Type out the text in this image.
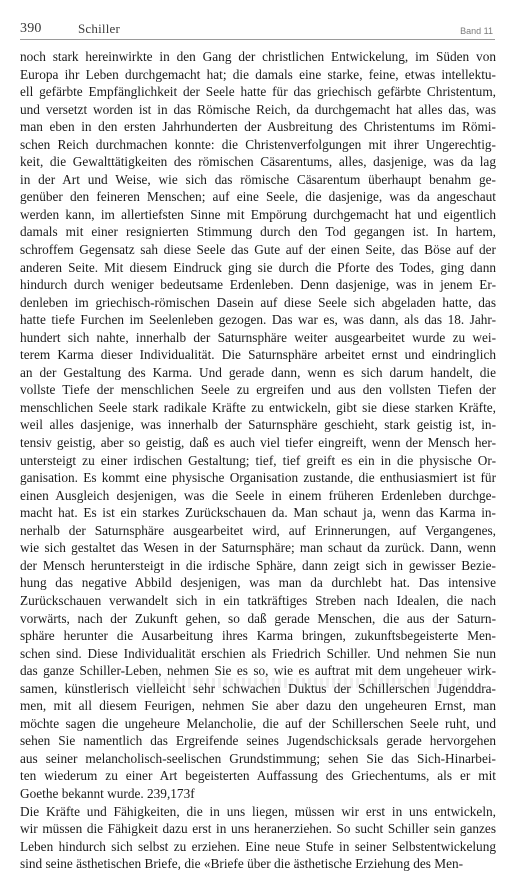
390	Schiller	Band 11
noch stark hereinwirkte in den Gang der christlichen Entwickelung, im Süden von
Europa ihr Leben durchgemacht hat; die damals eine starke, feine, etwas intellektu-
ell gefärbte Empfänglichkeit der Seele hatte für das griechisch gefärbte Christentum,
und versetzt worden ist in das Römische Reich, da durchgemacht hat alles das, was
man eben in den ersten Jahrhunderten der Ausbreitung des Christentums im Römi-
schen Reich durchmachen konnte: die Christenverfolgungen mit ihrer Ungerechtig-
keit, die Gewalttätigkeiten des römischen Cäsarentums, alles, dasjenige, was da lag
in der Art und Weise, wie sich das römische Cäsarentum überhaupt benahm ge-
genüber den feineren Menschen; auf eine Seele, die dasjenige, was da angeschaut
werden kann, im allertiefsten Sinne mit Empörung durchgemacht hat und eigentlich
damals mit einer resignierten Stimmung durch den Tod gegangen ist. In hartem,
schroffem Gegensatz sah diese Seele das Gute auf der einen Seite, das Böse auf der
anderen Seite. Mit diesem Eindruck ging sie durch die Pforte des Todes, ging dann
hindurch durch weniger bedeutsame Erdenleben. Denn dasjenige, was in jenem Er-
denleben im griechisch-römischen Dasein auf diese Seele sich abgeladen hatte, das
hatte tiefe Furchen im Seelenleben gezogen. Das war es, was dann, als das 18. Jahr-
hundert sich nahte, innerhalb der Saturnsphäre weiter ausgearbeitet wurde zu wei-
terem Karma dieser Individualität. Die Saturnsphäre arbeitet ernst und eindringlich
an der Gestaltung des Karma. Und gerade dann, wenn es sich darum handelt, die
vollste Tiefe der menschlichen Seele zu ergreifen und aus den vollsten Tiefen der
menschlichen Seele stark radikale Kräfte zu entwickeln, gibt sie diese starken Kräfte,
weil alles dasjenige, was innerhalb der Saturnsphäre geschieht, stark geistig ist, in-
tensiv geistig, aber so geistig, daß es auch viel tiefer eingreift, wenn der Mensch her-
untersteigt zu einer irdischen Gestaltung; tief, tief greift es ein in die physische Or-
ganisation. Es kommt eine physische Organisation zustande, die enthusiasmiert ist für
einen Ausgleich desjenigen, was die Seele in einem früheren Erdenleben durchge-
macht hat. Es ist ein starkes Zurückschauen da. Man schaut ja, wenn das Karma in-
nerhalb der Saturnsphäre ausgearbeitet wird, auf Erinnerungen, auf Vergangenes,
wie sich gestaltet das Wesen in der Saturnsphäre; man schaut da zurück. Dann, wenn
der Mensch heruntersteigt in die irdische Sphäre, dann zeigt sich in gewisser Bezie-
hung das negative Abbild desjenigen, was man da durchlebt hat. Das intensive
Zurückschauen verwandelt sich in ein tatkräftiges Streben nach Idealen, die nach
vorwärts, nach der Zukunft gehen, so daß gerade Menschen, die aus der Saturn-
sphäre herunter die Ausarbeitung ihres Karma bringen, zukunftsbegeisterte Men-
schen sind. Diese Individualität erschien als Friedrich Schiller. Und nehmen Sie nun
das ganze Schiller-Leben, nehmen Sie es so, wie es auftrat mit dem ungeheuer wirk-
samen, künstlerisch vielleicht sehr schwachen Duktus der Schillerschen Jugenddra-
men, mit all diesem Feurigen, nehmen Sie aber dazu den ungeheuren Ernst, man
möchte sagen die ungeheure Melancholie, die auf der Schillerschen Seele ruht, und
sehen Sie namentlich das Ergreifende seines Jugendschicksals gerade hervorgehen
aus seiner melancholisch-seelischen Grundstimmung; sehen Sie das Sich-Hinarbei-
ten wiederum zu einer Art begeisterten Auffassung des Griechentums, als er mit
Goethe bekannt wurde. 239,173f
Die Kräfte und Fähigkeiten, die in uns liegen, müssen wir erst in uns entwickeln,
wir müssen die Fähigkeit dazu erst in uns heranerziehen. So sucht Schiller sein ganzes
Leben hindurch sich selbst zu erziehen. Eine neue Stufe in seiner Selbstentwickelung
sind seine ästhetischen Briefe, die «Briefe über die ästhetische Erziehung des Men-
